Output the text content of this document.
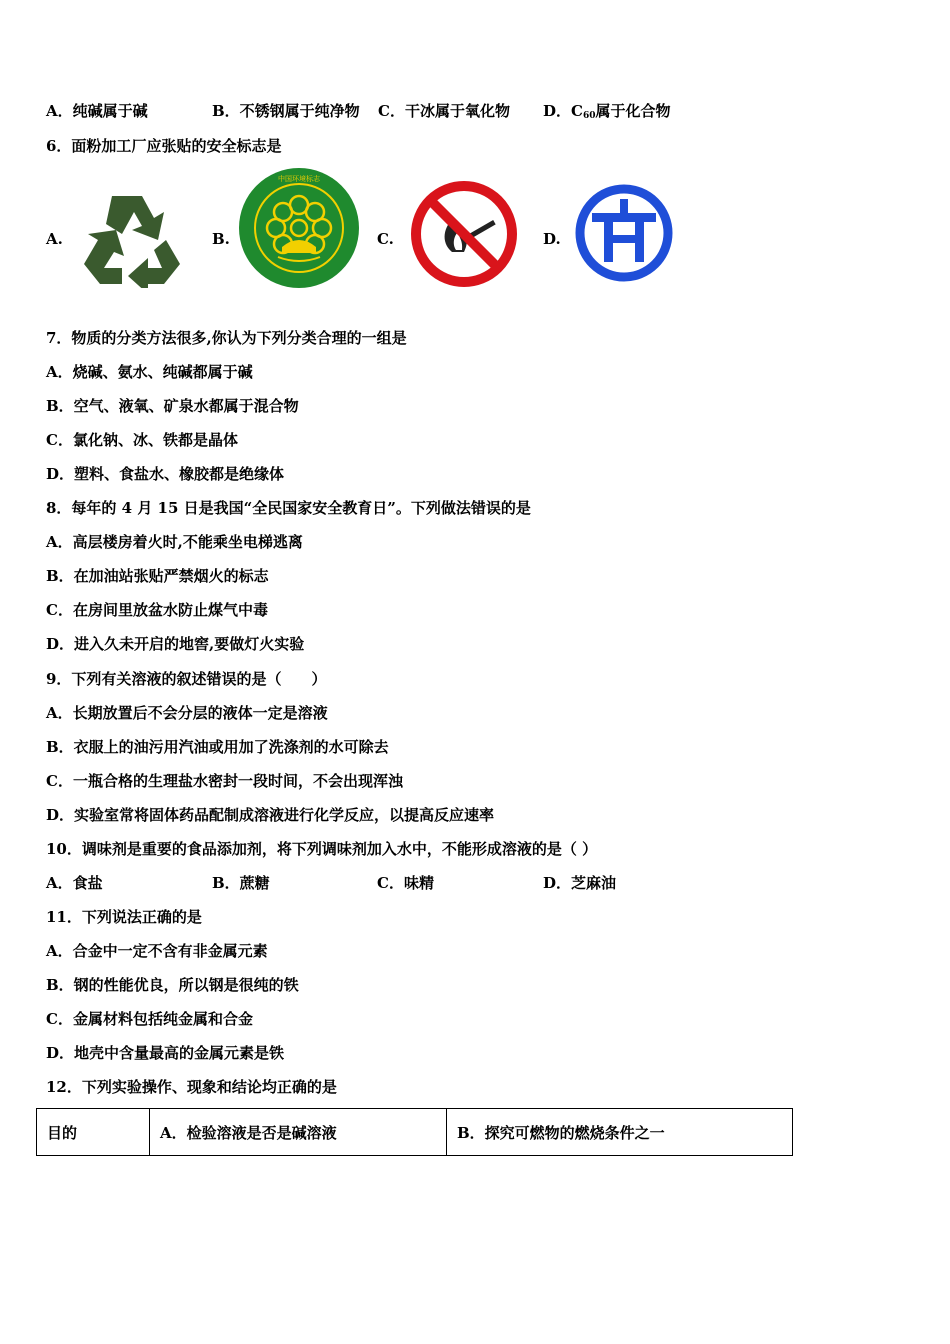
A．纯碱属于碱	B．不锈钢属于纯净物 C．干冰属于氧化物 D．$C_{60}$属于化合物
6．面粉加工厂应张贴的安全标志是
A.	B.	C.	D.
中国环境标志
7．物质的分类方法很多,你认为下列分类合理的一组是
A．烧碱、氨水、纯碱都属于碱
B．空气、液氧、矿泉水都属于混合物
C．氯化钠、冰、铁都是晶体
D．塑料、食盐水、橡胶都是绝缘体
8．每年的 4 月 15 日是我国“全民国家安全教育日”。下列做法错误的是
A．高层楼房着火时,不能乘坐电梯逃离
B．在加油站张贴严禁烟火的标志
C．在房间里放盆水防止煤气中毒
D．进入久未开启的地窖,要做灯火实验
9．下列有关溶液的叙述错误的是（　　）
A．长期放置后不会分层的液体一定是溶液
B．衣服上的油污用汽油或用加了洗涤剂的水可除去
C．一瓶合格的生理盐水密封一段时间，不会出现浑浊
D．实验室常将固体药品配制成溶液进行化学反应，以提高反应速率
10．调味剂是重要的食品添加剂，将下列调味剂加入水中，不能形成溶液的是（ ）
A．食盐	B．蔗糖	C．味精	D．芝麻油
11．下列说法正确的是
A．合金中一定不含有非金属元素
B．钢的性能优良，所以钢是很纯的铁
C．金属材料包括纯金属和合金
D．地壳中含量最高的金属元素是铁
12．下列实验操作、现象和结论均正确的是
目的	A．检验溶液是否是碱溶液	B．探究可燃物的燃烧条件之一
